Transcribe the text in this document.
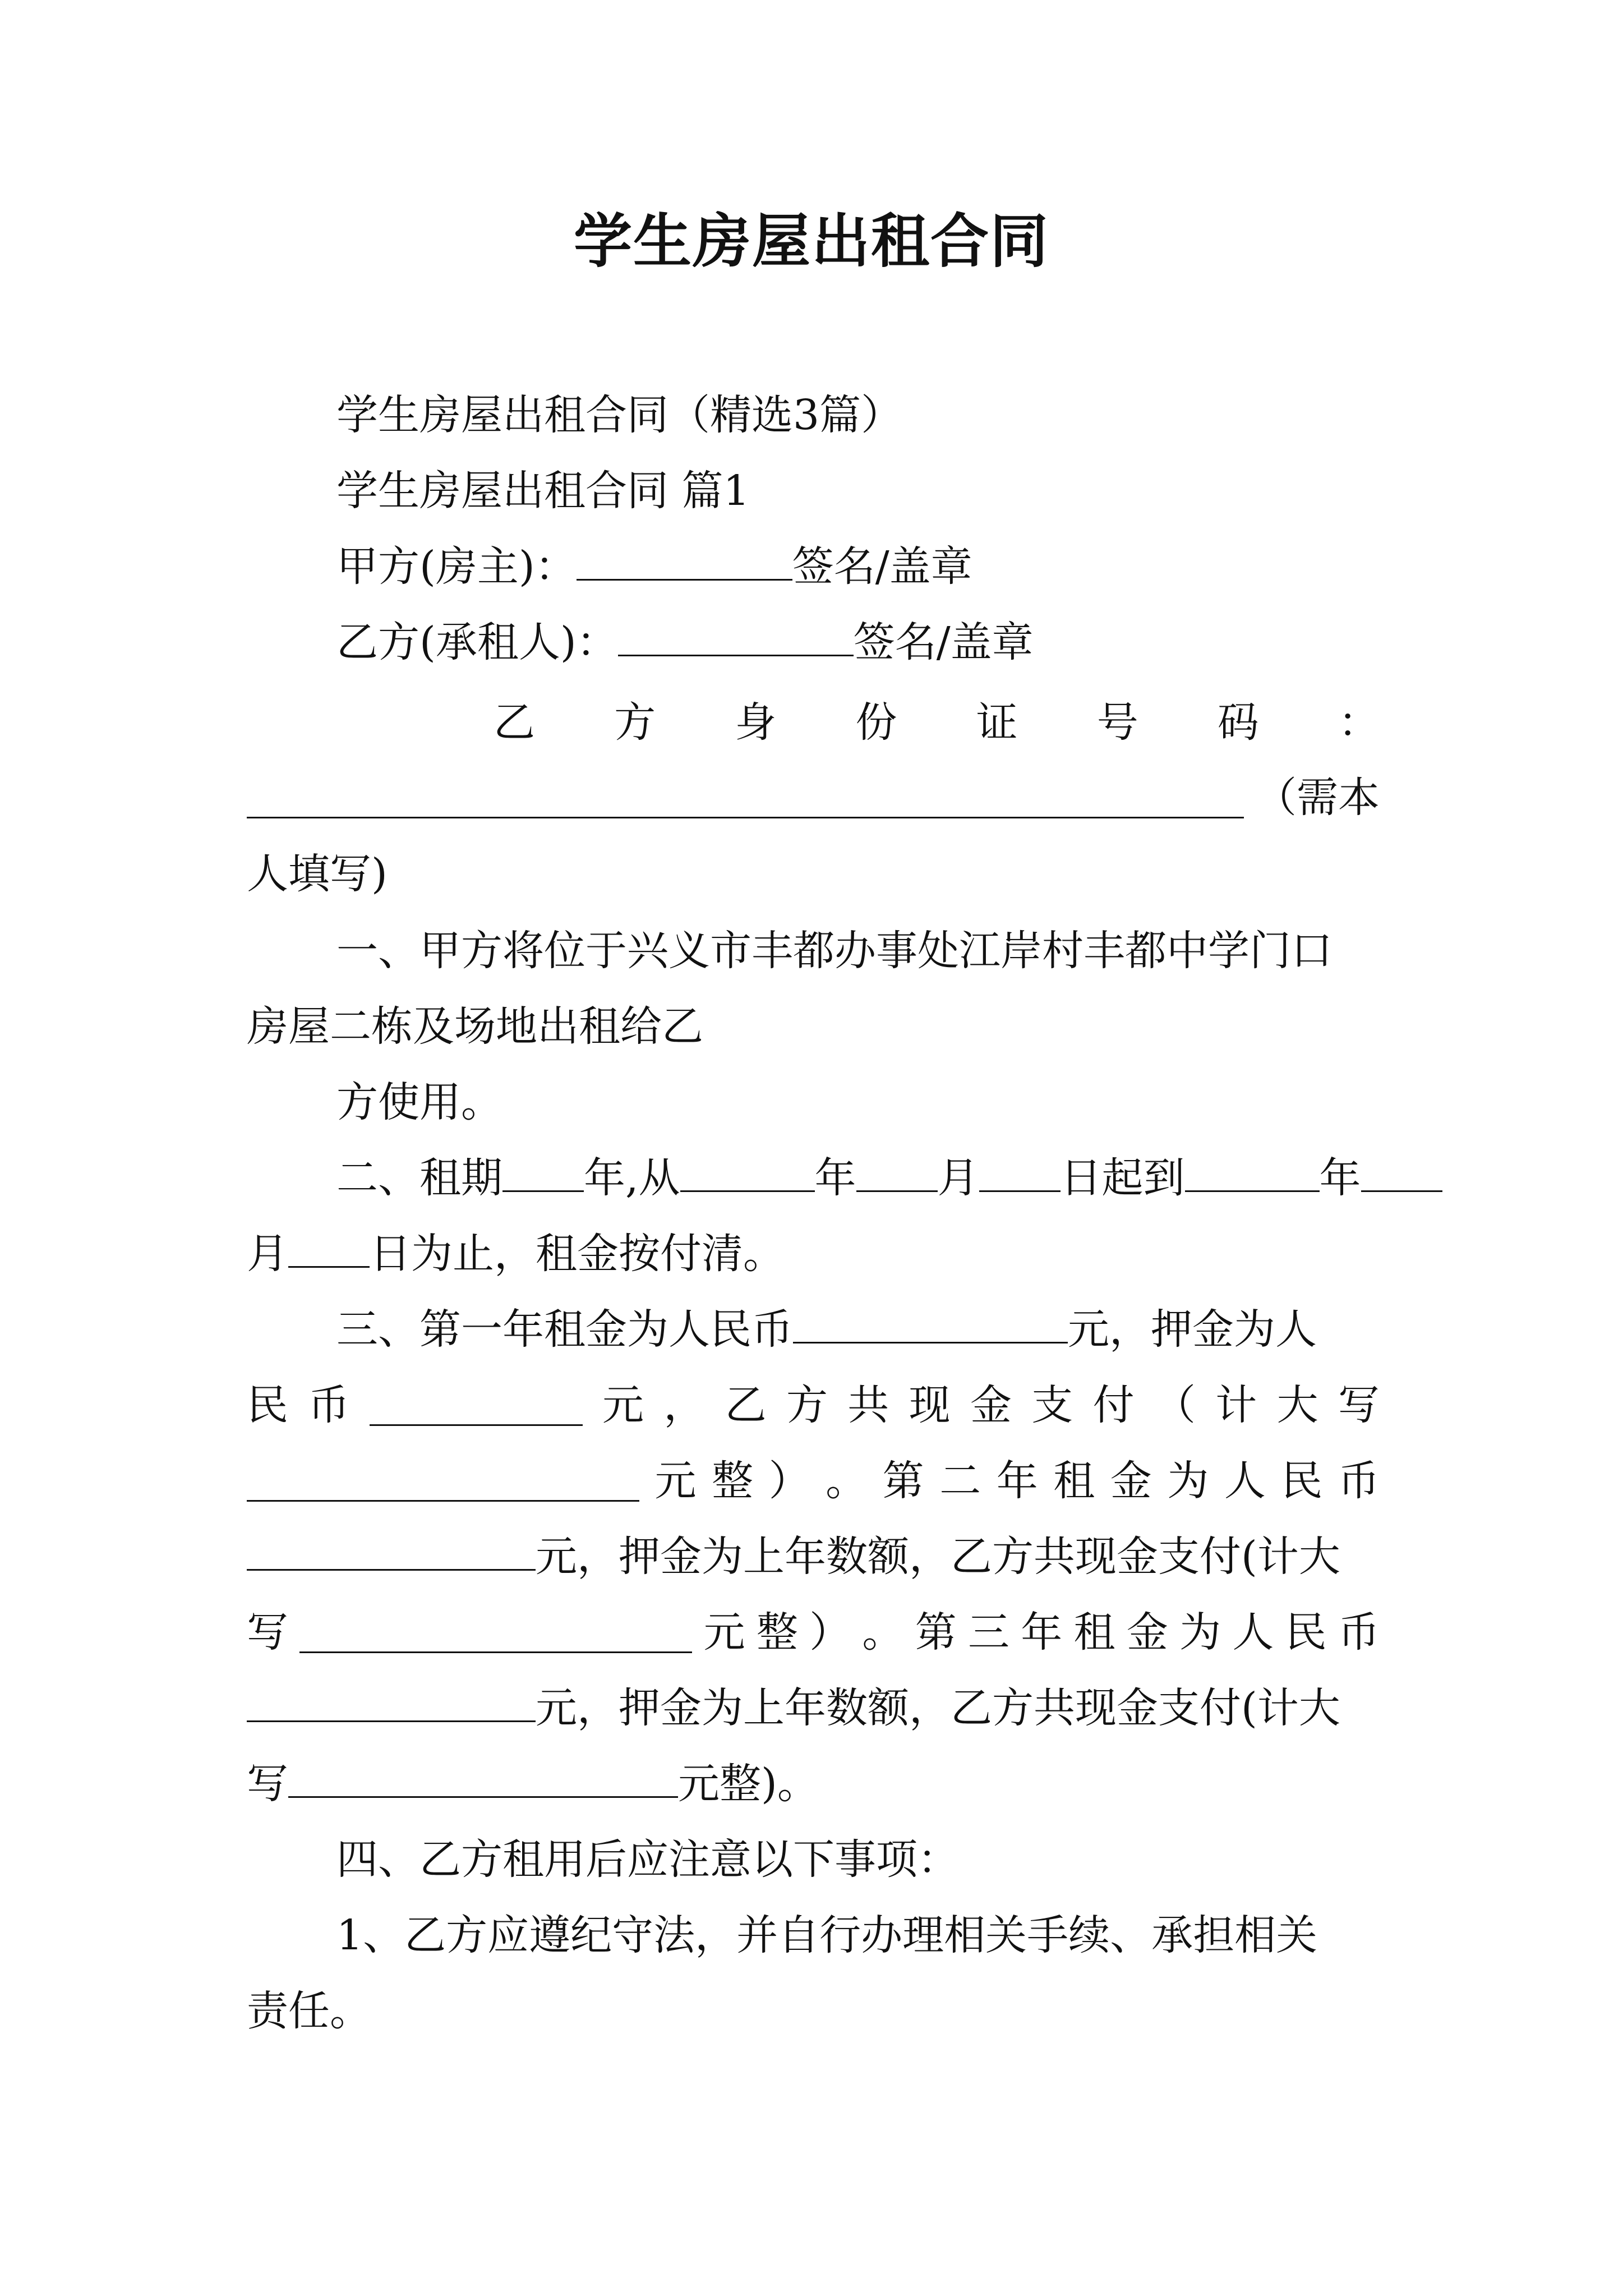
学生房屋出租合同
学生房屋出租合同（精选3篇）
学生房屋出租合同 篇1
甲方(房主)：	签名/盖章
乙方(承租人)：	签名/盖章
乙 方 身 份 证 号 码 ：
（需 本
人填写)
一、甲方将位于兴义市丰都办事处江岸村丰都中学门口
房屋二栋及场地出租给乙
方使用。
二、租期 年,从	年 月 日起到	年
月 日为止，租金按付清。
三、第一年租金为人民币	元，押金为人
民 币	元 ， 乙 方 共 现 金 支 付 （ 计 大 写
元 整 ） 。 第 二 年 租 金 为 人 民 币
元，押金为上年数额，乙方共现金支付(计大
写	元 整 ） 。 第 三 年 租 金 为 人 民 币
元，押金为上年数额，乙方共现金支付(计大
写	元整)。
四、乙方租用后应注意以下事项：
1、乙方应遵纪守法，并自行办理相关手续、承担相关
责任。
